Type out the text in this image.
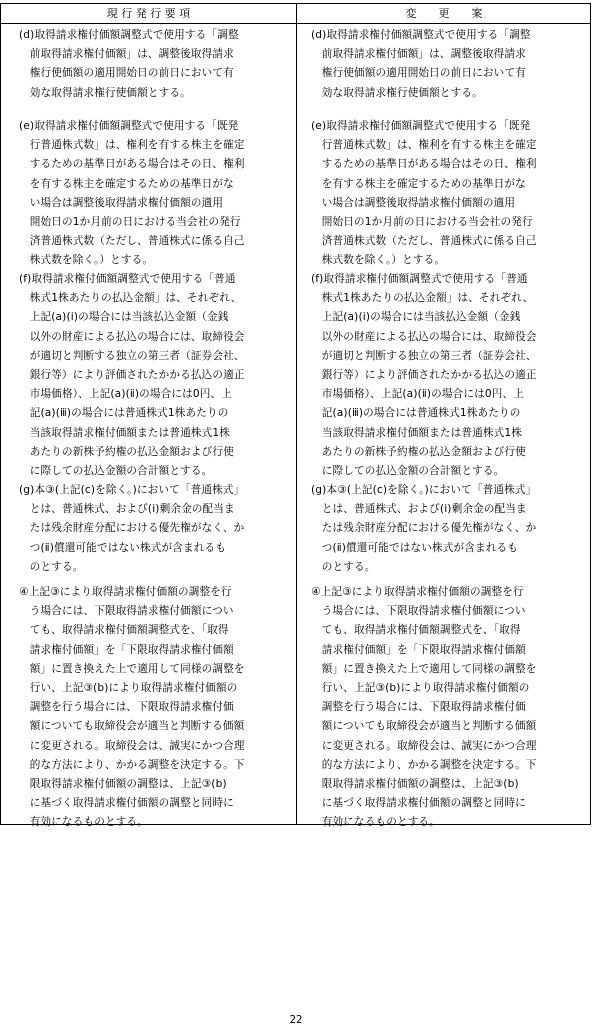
現 行 発 行 要 項	変　　更　　案
(d)取得請求権付価額調整式で使用する「調整
　前取得請求権付価額」は、調整後取得請求
　権行使価額の適用開始日の前日において有
　効な取得請求権行使価額とする。
(e)取得請求権付価額調整式で使用する「既発
　行普通株式数」は、権利を有する株主を確定
　するための基準日がある場合はその日、権利
　を有する株主を確定するための基準日がな
　い場合は調整後取得請求権付価額の適用
　開始日の1か月前の日における当会社の発行
　済普通株式数（ただし、普通株式に係る自己
　株式数を除く。）とする。
(f)取得請求権付価額調整式で使用する「普通
　株式1株あたりの払込金額」は、それぞれ、
　上記(a)(ⅰ)の場合には当該払込金額（金銭
　以外の財産による払込の場合には、取締役会
　が適切と判断する独立の第三者（証券会社、
　銀行等）により評価されたかかる払込の適正
　市場価格）、上記(a)(ⅱ)の場合には0円、上
　記(a)(ⅲ)の場合には普通株式1株あたりの
　当該取得請求権付価額または普通株式1株
　あたりの新株予約権の払込金額および行使
　に際しての払込金額の合計額とする。
(g)本③(上記(c)を除く。)において「普通株式」
　とは、普通株式、および(ⅰ)剰余金の配当ま
　たは残余財産分配における優先権がなく、か
　つ(ⅱ)償還可能ではない株式が含まれるも
　のとする。
④上記③により取得請求権付価額の調整を行
　う場合には、下限取得請求権付価額につい
　ても、取得請求権付価額調整式を、「取得
　請求権付価額」を「下限取得請求権付価額
　額」に置き換えた上で適用して同様の調整を
　行い、上記③(b)により取得請求権付価額の
　調整を行う場合には、下限取得請求権付価
　額についても取締役会が適当と判断する価額
　に変更される。取締役会は、誠実にかつ合理
　的な方法により、かかる調整を決定する。下
　限取得請求権付価額の調整は、上記③(b)
　に基づく取得請求権付価額の調整と同時に
　有効になるものとする。
(d)取得請求権付価額調整式で使用する「調整
　前取得請求権付価額」は、調整後取得請求
　権行使価額の適用開始日の前日において有
　効な取得請求権行使価額とする。
(e)取得請求権付価額調整式で使用する「既発
　行普通株式数」は、権利を有する株主を確定
　するための基準日がある場合はその日、権利
　を有する株主を確定するための基準日がな
　い場合は調整後取得請求権付価額の適用
　開始日の1か月前の日における当会社の発行
　済普通株式数（ただし、普通株式に係る自己
　株式数を除く。）とする。
(f)取得請求権付価額調整式で使用する「普通
　株式1株あたりの払込金額」は、それぞれ、
　上記(a)(ⅰ)の場合には当該払込金額（金銭
　以外の財産による払込の場合には、取締役会
　が適切と判断する独立の第三者（証券会社、
　銀行等）により評価されたかかる払込の適正
　市場価格）、上記(a)(ⅱ)の場合には0円、上
　記(a)(ⅲ)の場合には普通株式1株あたりの
　当該取得請求権付価額または普通株式1株
　あたりの新株予約権の払込金額および行使
　に際しての払込金額の合計額とする。
(g)本③(上記(c)を除く。)において「普通株式」
　とは、普通株式、および(ⅰ)剰余金の配当ま
　たは残余財産分配における優先権がなく、か
　つ(ⅱ)償還可能ではない株式が含まれるも
　のとする。
④上記③により取得請求権付価額の調整を行
　う場合には、下限取得請求権付価額につい
　ても、取得請求権付価額調整式を、「取得
　請求権付価額」を「下限取得請求権付価額
　額」に置き換えた上で適用して同様の調整を
　行い、上記③(b)により取得請求権付価額の
　調整を行う場合には、下限取得請求権付価
　額についても取締役会が適当と判断する価額
　に変更される。取締役会は、誠実にかつ合理
　的な方法により、かかる調整を決定する。下
　限取得請求権付価額の調整は、上記③(b)
　に基づく取得請求権付価額の調整と同時に
　有効になるものとする。
22
